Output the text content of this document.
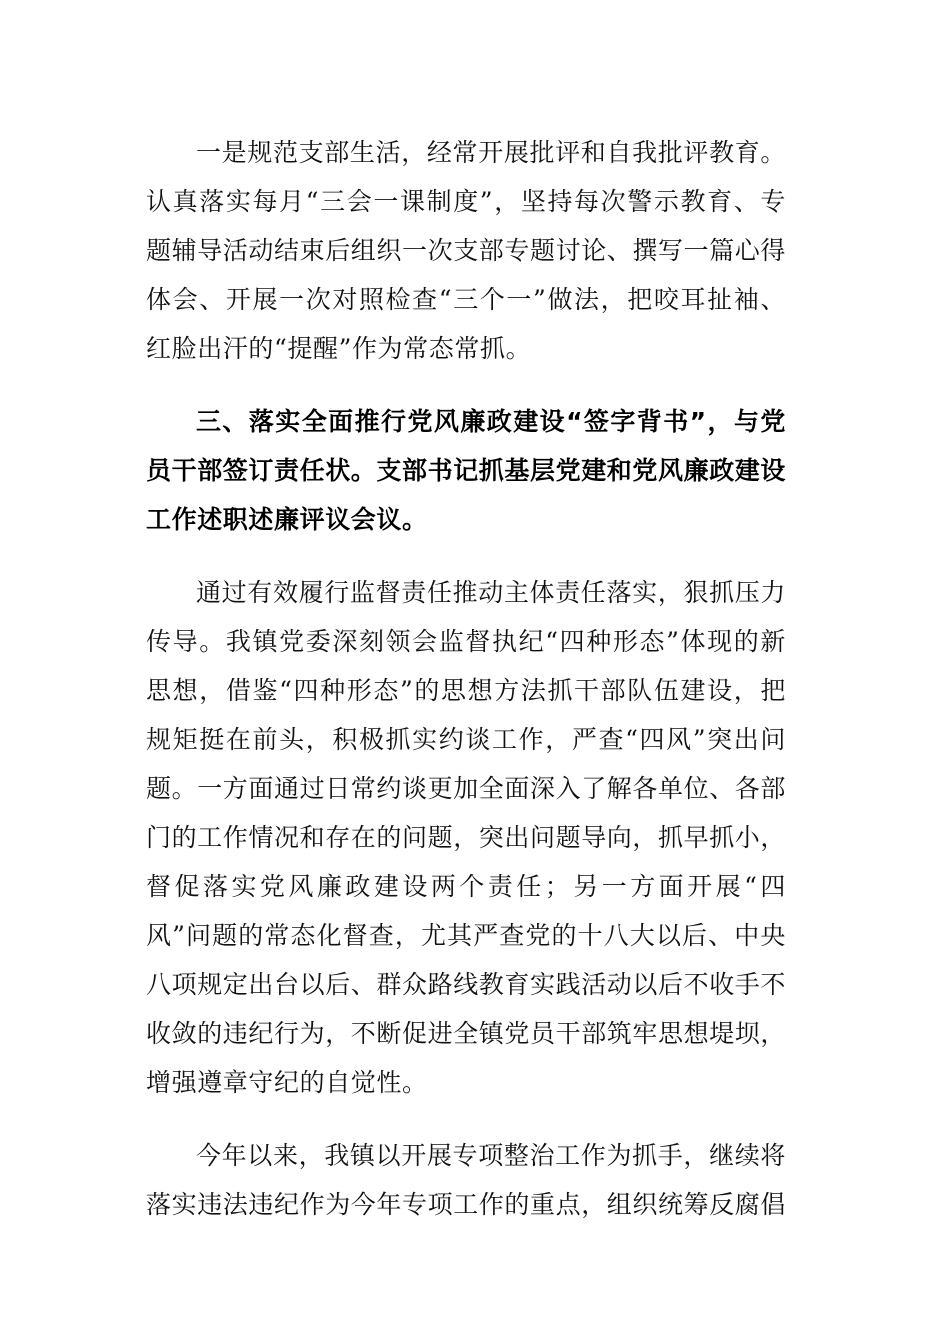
一是规范支部生活，经常开展批评和自我批评教育。认真落实每月“三会一课制度”，坚持每次警示教育、专题辅导活动结束后组织一次支部专题讨论、撰写一篇心得体会、开展一次对照检查“三个一”做法，把咬耳扯袖、红脸出汗的“提醒”作为常态常抓。

三、落实全面推行党风廉政建设“签字背书”，与党员干部签订责任状。支部书记抓基层党建和党风廉政建设工作述职述廉评议会议。

通过有效履行监督责任推动主体责任落实，狠抓压力传导。我镇党委深刻领会监督执纪“四种形态”体现的新思想，借鉴“四种形态”的思想方法抓干部队伍建设，把规矩挺在前头，积极抓实约谈工作，严查“四风”突出问题。一方面通过日常约谈更加全面深入了解各单位、各部门的工作情况和存在的问题，突出问题导向，抓早抓小，督促落实党风廉政建设两个责任；另一方面开展“四风”问题的常态化督查，尤其严查党的十八大以后、中央八项规定出台以后、群众路线教育实践活动以后不收手不收敛的违纪行为，不断促进全镇党员干部筑牢思想堤坝，增强遵章守纪的自觉性。

今年以来，我镇以开展专项整治工作为抓手，继续将落实违法违纪作为今年专项工作的重点，组织统筹反腐倡
